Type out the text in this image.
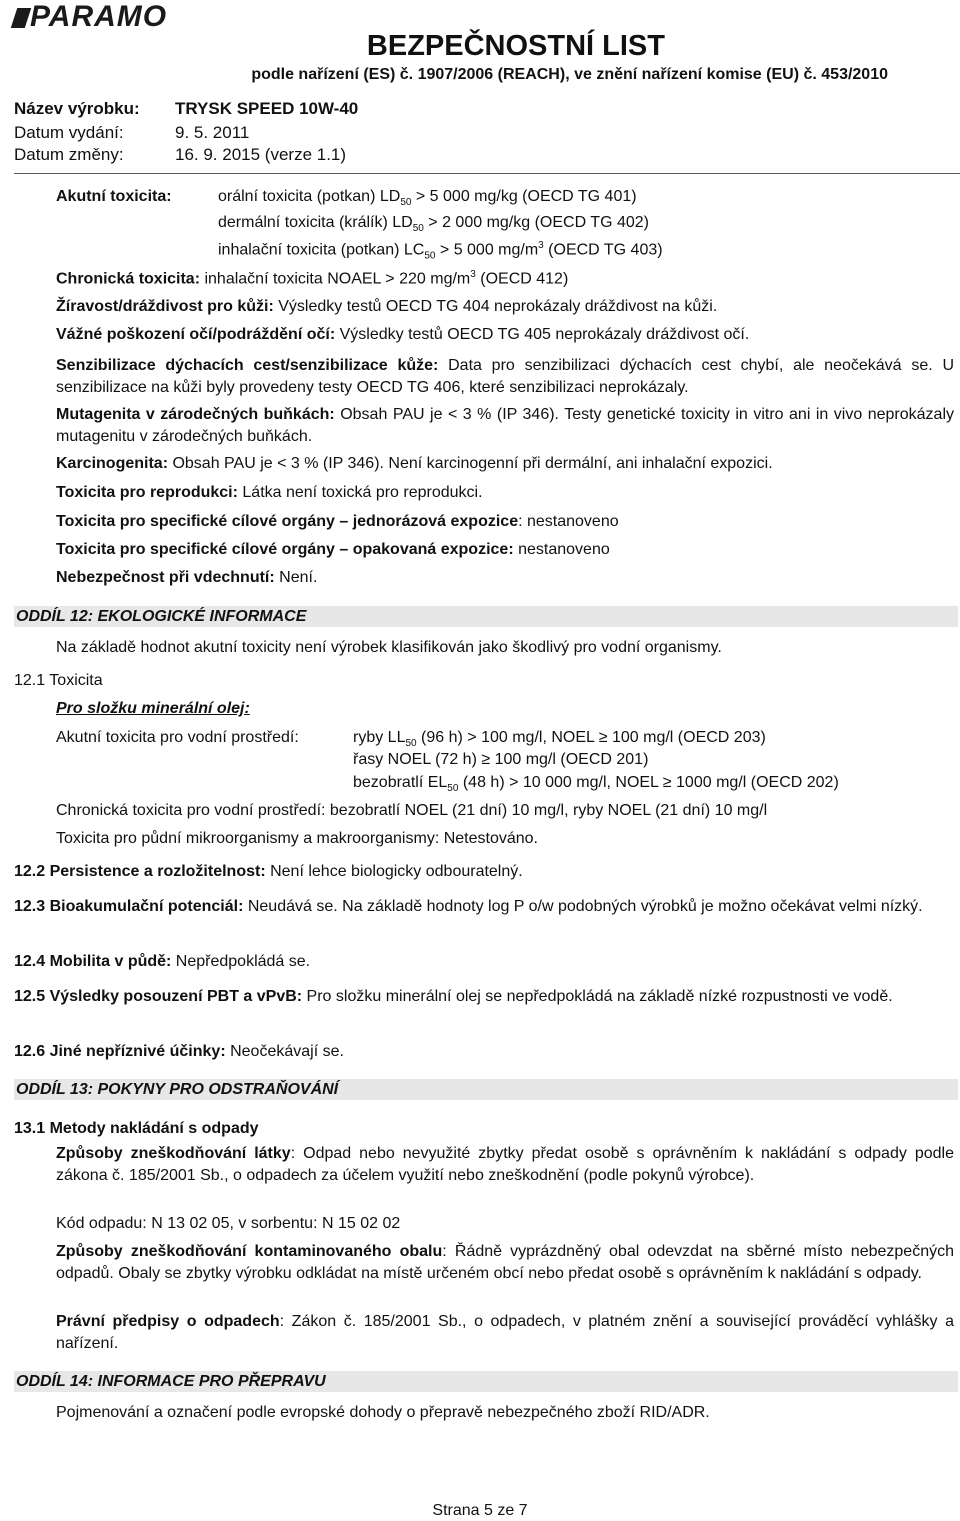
PARAMO
BEZPEČNOSTNÍ LIST
podle nařízení (ES) č. 1907/2006 (REACH), ve znění nařízení komise (EU) č. 453/2010
Název výrobku: TRYSK SPEED 10W-40
Datum vydání:	9. 5. 2011
Datum změny:	16. 9. 2015 (verze 1.1)
Akutní toxicita:	orální toxicita (potkan) $LD_{50} > 5$ 000 mg/kg (OECD TG 401)
dermální toxicita (králík) $LD_{50} > 2$ 000 mg/kg (OECD TG 402)
inhalační toxicita (potkan) $LC_{50} > 5$ 000 $mg/m^3$ (OECD TG 403)
Chronická toxicita: inhalační toxicita NOAEL > 220 $mg/m^3$ (OECD 412)
Žíravost/dráždivost pro kůži: Výsledky testů OECD TG 404 neprokázaly dráždivost na kůži.
Vážné poškození očí/podráždění očí: Výsledky testů OECD TG 405 neprokázaly dráždivost očí.
Senzibilizace dýchacích cest/senzibilizace kůže: Data pro senzibilizaci dýchacích cest chybí, ale neočekává se. U senzibilizace na kůži byly provedeny testy OECD TG 406, které senzibilizaci neprokázaly.
Mutagenita v zárodečných buňkách: Obsah PAU je < 3 % (IP 346). Testy genetické toxicity in vitro ani in vivo neprokázaly mutagenitu v zárodečných buňkách.
Karcinogenita: Obsah PAU je < 3 % (IP 346). Není karcinogenní při dermální, ani inhalační expozici.
Toxicita pro reprodukci: Látka není toxická pro reprodukci.
Toxicita pro specifické cílové orgány – jednorázová expozice: nestanoveno
Toxicita pro specifické cílové orgány – opakovaná expozice: nestanoveno
Nebezpečnost při vdechnutí: Není.
ODDÍL 12: EKOLOGICKÉ INFORMACE
Na základě hodnot akutní toxicity není výrobek klasifikován jako škodlivý pro vodní organismy.
12.1 Toxicita
Pro složku minerální olej:
Akutní toxicita pro vodní prostředí:	ryby $LL_{50}$ (96 h) > 100 mg/l, NOEL ≥ 100 mg/l (OECD 203)
řasy NOEL (72 h) ≥ 100 mg/l (OECD 201)
bezobratlí $EL_{50}$ (48 h) > 10 000 mg/l, NOEL ≥ 1000 mg/l (OECD 202)
Chronická toxicita pro vodní prostředí: bezobratlí NOEL (21 dní) 10 mg/l, ryby NOEL (21 dní) 10 mg/l
Toxicita pro půdní mikroorganismy a makroorganismy: Netestováno.
12.2 Persistence a rozložitelnost: Není lehce biologicky odbouratelný.
12.3 Bioakumulační potenciál: Neudává se. Na základě hodnoty log P o/w podobných výrobků je možno očekávat velmi nízký.
12.4 Mobilita v půdě: Nepředpokládá se.
12.5 Výsledky posouzení PBT a vPvB: Pro složku minerální olej se nepředpokládá na základě nízké rozpustnosti ve vodě.
12.6 Jiné nepříznivé účinky: Neočekávají se.
ODDÍL 13: POKYNY PRO ODSTRAŇOVÁNÍ
13.1 Metody nakládání s odpady
Způsoby zneškodňování látky: Odpad nebo nevyužité zbytky předat osobě s oprávněním k nakládání s odpady podle zákona č. 185/2001 Sb., o odpadech za účelem využití nebo zneškodnění (podle pokynů výrobce).
Kód odpadu: N 13 02 05, v sorbentu: N 15 02 02
Způsoby zneškodňování kontaminovaného obalu: Řádně vyprázdněný obal odevzdat na sběrné místo nebezpečných odpadů. Obaly se zbytky výrobku odkládat na místě určeném obcí nebo předat osobě s oprávněním k nakládání s odpady.
Právní předpisy o odpadech: Zákon č. 185/2001 Sb., o odpadech, v platném znění a související prováděcí vyhlášky a nařízení.
ODDÍL 14: INFORMACE PRO PŘEPRAVU
Pojmenování a označení podle evropské dohody o přepravě nebezpečného zboží RID/ADR.
Strana 5 ze 7
